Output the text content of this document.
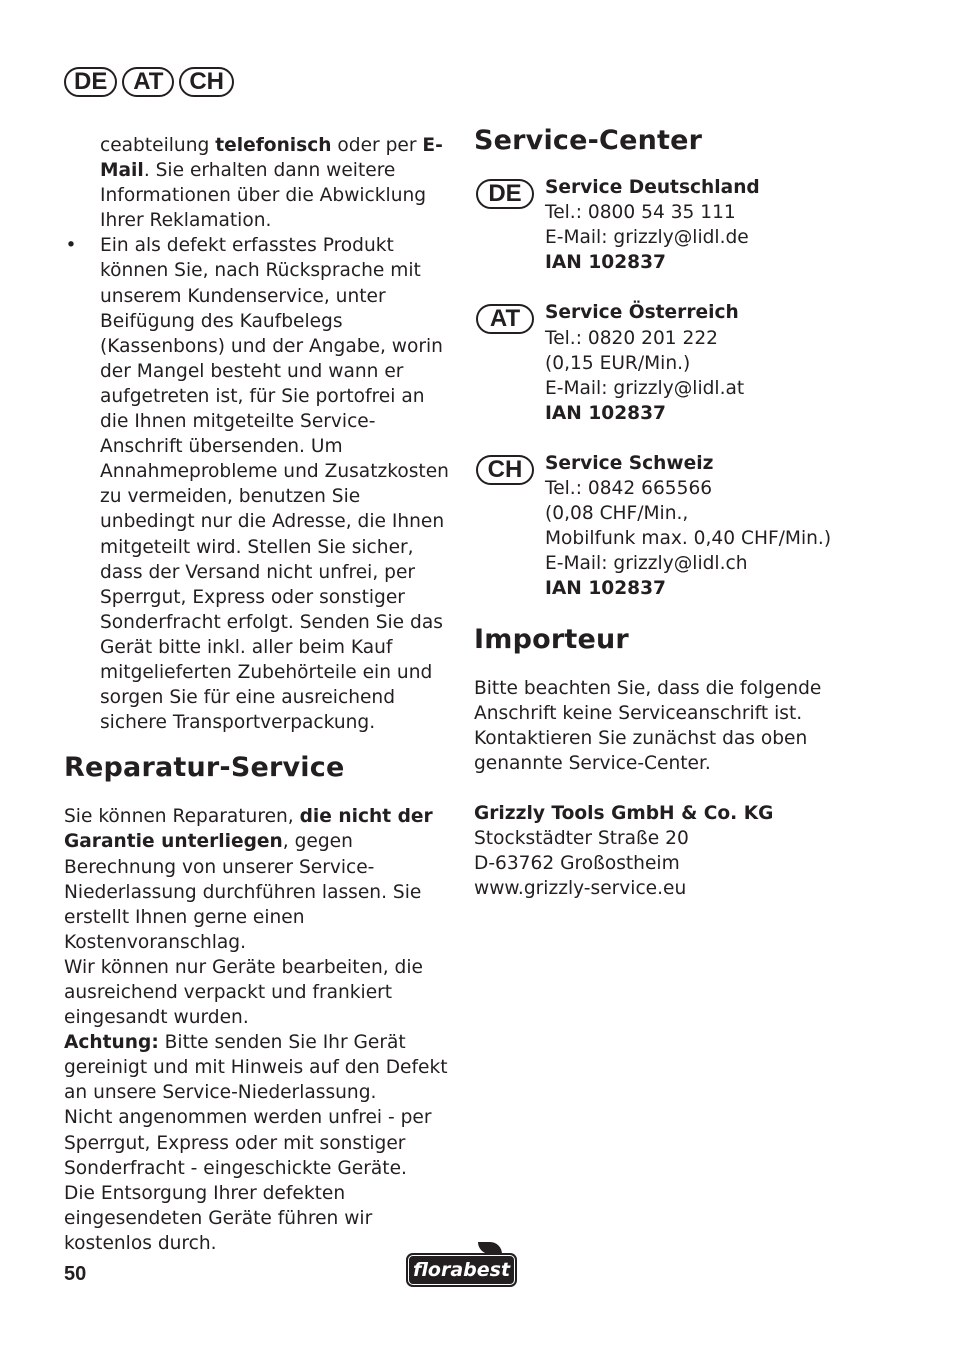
DE	AT	CH

ceabteilung telefonisch oder per E-Mail. Sie erhalten dann weitere Informationen über die Abwicklung Ihrer Reklamation.

• Ein als defekt erfasstes Produkt können Sie, nach Rücksprache mit unserem Kundenservice, unter Beifügung des Kaufbelegs (Kassenbons) und der Angabe, worin der Mangel besteht und wann er aufgetreten ist, für Sie portofrei an die Ihnen mitgeteilte Service-Anschrift übersenden. Um Annahmeprobleme und Zusatzkosten zu vermeiden, benutzen Sie unbedingt nur die Adresse, die Ihnen mitgeteilt wird. Stellen Sie sicher, dass der Versand nicht unfrei, per Sperrgut, Express oder sonstiger Sonderfracht erfolgt. Senden Sie das Gerät bitte inkl. aller beim Kauf mitgelieferten Zubehörteile ein und sorgen Sie für eine ausreichend sichere Transportverpackung.

Reparatur-Service

Sie können Reparaturen, die nicht der Garantie unterliegen, gegen Berechnung von unserer Service-Niederlassung durchführen lassen. Sie erstellt Ihnen gerne einen Kostenvoranschlag.

Wir können nur Geräte bearbeiten, die ausreichend verpackt und frankiert eingesandt wurden.

Achtung: Bitte senden Sie Ihr Gerät gereinigt und mit Hinweis auf den Defekt an unsere Service-Niederlassung.

Nicht angenommen werden unfrei - per Sperrgut, Express oder mit sonstiger Sonderfracht - eingeschickte Geräte.

Die Entsorgung Ihrer defekten eingesendeten Geräte führen wir kostenlos durch.

Service-Center
DE	Service Deutschland
Tel.: 0800 54 35 111
E-Mail: grizzly@lidl.de
IAN 102837
AT	Service Österreich
Tel.: 0820 201 222
(0,15 EUR/Min.)
E-Mail: grizzly@lidl.at
IAN 102837
CH	Service Schweiz
Tel.: 0842 665566
(0,08 CHF/Min.,
Mobilfunk max. 0,40 CHF/Min.)
E-Mail: grizzly@lidl.ch
IAN 102837
Importeur

Bitte beachten Sie, dass die folgende Anschrift keine Serviceanschrift ist. Kontaktieren Sie zunächst das oben genannte Service-Center.

Grizzly Tools GmbH & Co. KG
Stockstädter Straße 20
D-63762 Großostheim
www.grizzly-service.eu
50	florabest
